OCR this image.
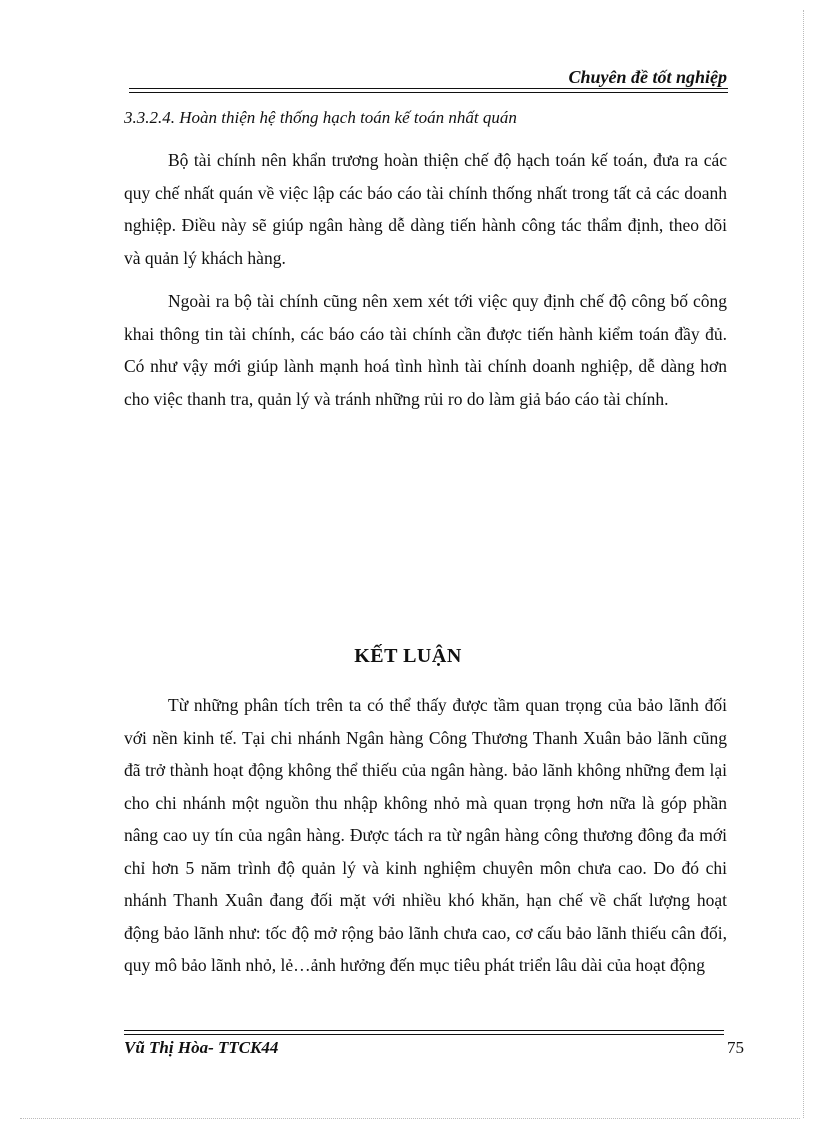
Chuyên đề tốt nghiệp
3.3.2.4. Hoàn thiện hệ thống hạch toán kế toán nhất quán

Bộ tài chính nên khẩn trương hoàn thiện chế độ hạch toán kế toán, đưa ra các quy chế nhất quán về việc lập các báo cáo tài chính thống nhất trong tất cả các doanh nghiệp. Điều này sẽ giúp ngân hàng dễ dàng tiến hành công tác thẩm định, theo dõi và quản lý khách hàng.

Ngoài ra bộ tài chính cũng nên xem xét tới việc quy định chế độ công bố công khai thông tin tài chính, các báo cáo tài chính cần được tiến hành kiểm toán đầy đủ. Có như vậy mới giúp lành mạnh hoá tình hình tài chính doanh nghiệp, dễ dàng hơn cho việc thanh tra, quản lý và tránh những rủi ro do làm giả báo cáo tài chính.

KẾT LUẬN

Từ những phân tích trên ta có thể thấy được tầm quan trọng của bảo lãnh đối với nền kinh tế. Tại chi nhánh Ngân hàng Công Thương Thanh Xuân bảo lãnh cũng đã trở thành hoạt động không thể thiếu của ngân hàng. bảo lãnh không những đem lại cho chi nhánh một nguồn thu nhập không nhỏ mà quan trọng hơn nữa là góp phần nâng cao uy tín của ngân hàng. Được tách ra từ ngân hàng công thương đông đa mới chỉ hơn 5 năm trình độ quản lý và kinh nghiệm chuyên môn chưa cao. Do đó chi nhánh Thanh Xuân đang đối mặt với nhiều khó khăn, hạn chế về chất lượng hoạt động bảo lãnh như: tốc độ mở rộng bảo lãnh chưa cao, cơ cấu bảo lãnh thiếu cân đối, quy mô bảo lãnh nhỏ, lẻ…ảnh hưởng đến mục tiêu phát triển lâu dài của hoạt động

Vũ Thị Hòa- TTCK44	75
